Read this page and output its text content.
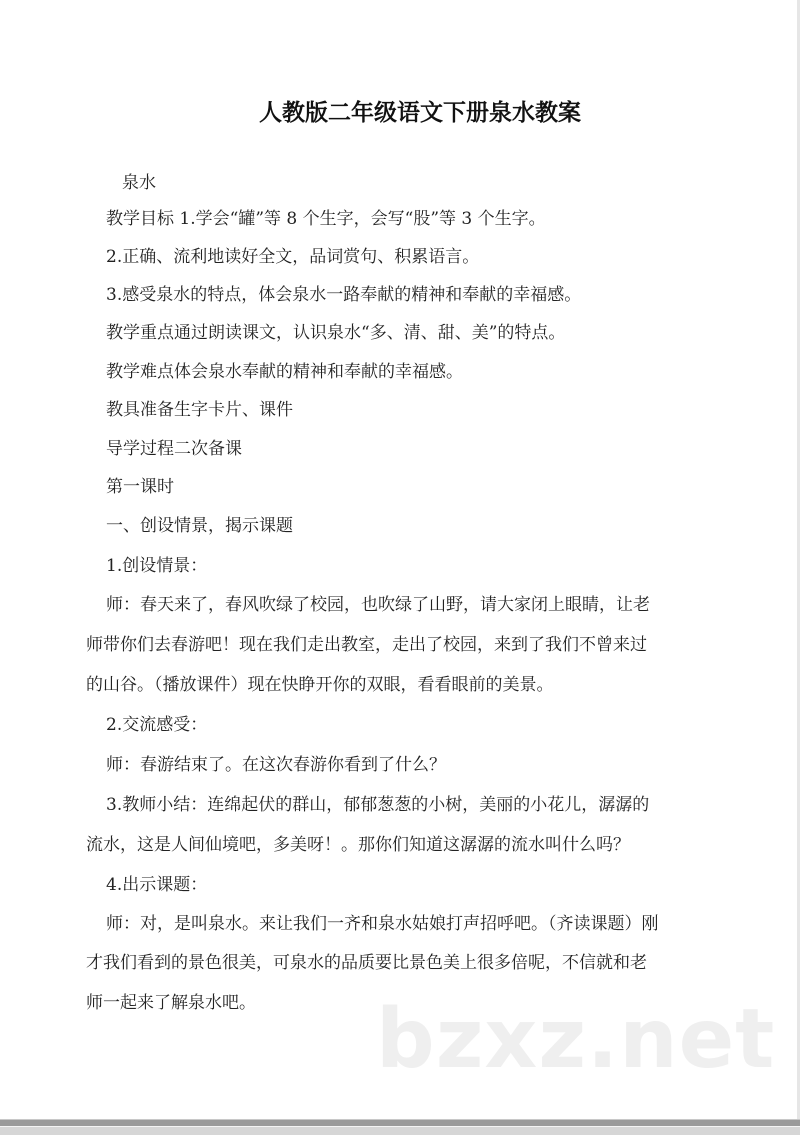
人教版二年级语文下册泉水教案
泉水
教学目标 1.学会“罐”等 8 个生字，会写“股”等 3 个生字。
2.正确、流利地读好全文，品词赏句、积累语言。
3.感受泉水的特点，体会泉水一路奉献的精神和奉献的幸福感。
教学重点通过朗读课文，认识泉水“多、清、甜、美”的特点。
教学难点体会泉水奉献的精神和奉献的幸福感。
教具准备生字卡片、课件
导学过程二次备课
第一课时
一、创设情景，揭示课题
1.创设情景：
师：春天来了，春风吹绿了校园，也吹绿了山野，请大家闭上眼睛，让老
师带你们去春游吧！现在我们走出教室，走出了校园，来到了我们不曾来过
的山谷。（播放课件）现在快睁开你的双眼，看看眼前的美景。
2.交流感受：
师：春游结束了。在这次春游你看到了什么？
3.教师小结：连绵起伏的群山，郁郁葱葱的小树，美丽的小花儿，潺潺的
流水，这是人间仙境吧，多美呀！。那你们知道这潺潺的流水叫什么吗？
4.出示课题：
师：对，是叫泉水。来让我们一齐和泉水姑娘打声招呼吧。（齐读课题）刚
才我们看到的景色很美，可泉水的品质要比景色美上很多倍呢，不信就和老
师一起来了解泉水吧。 bzxz.net
